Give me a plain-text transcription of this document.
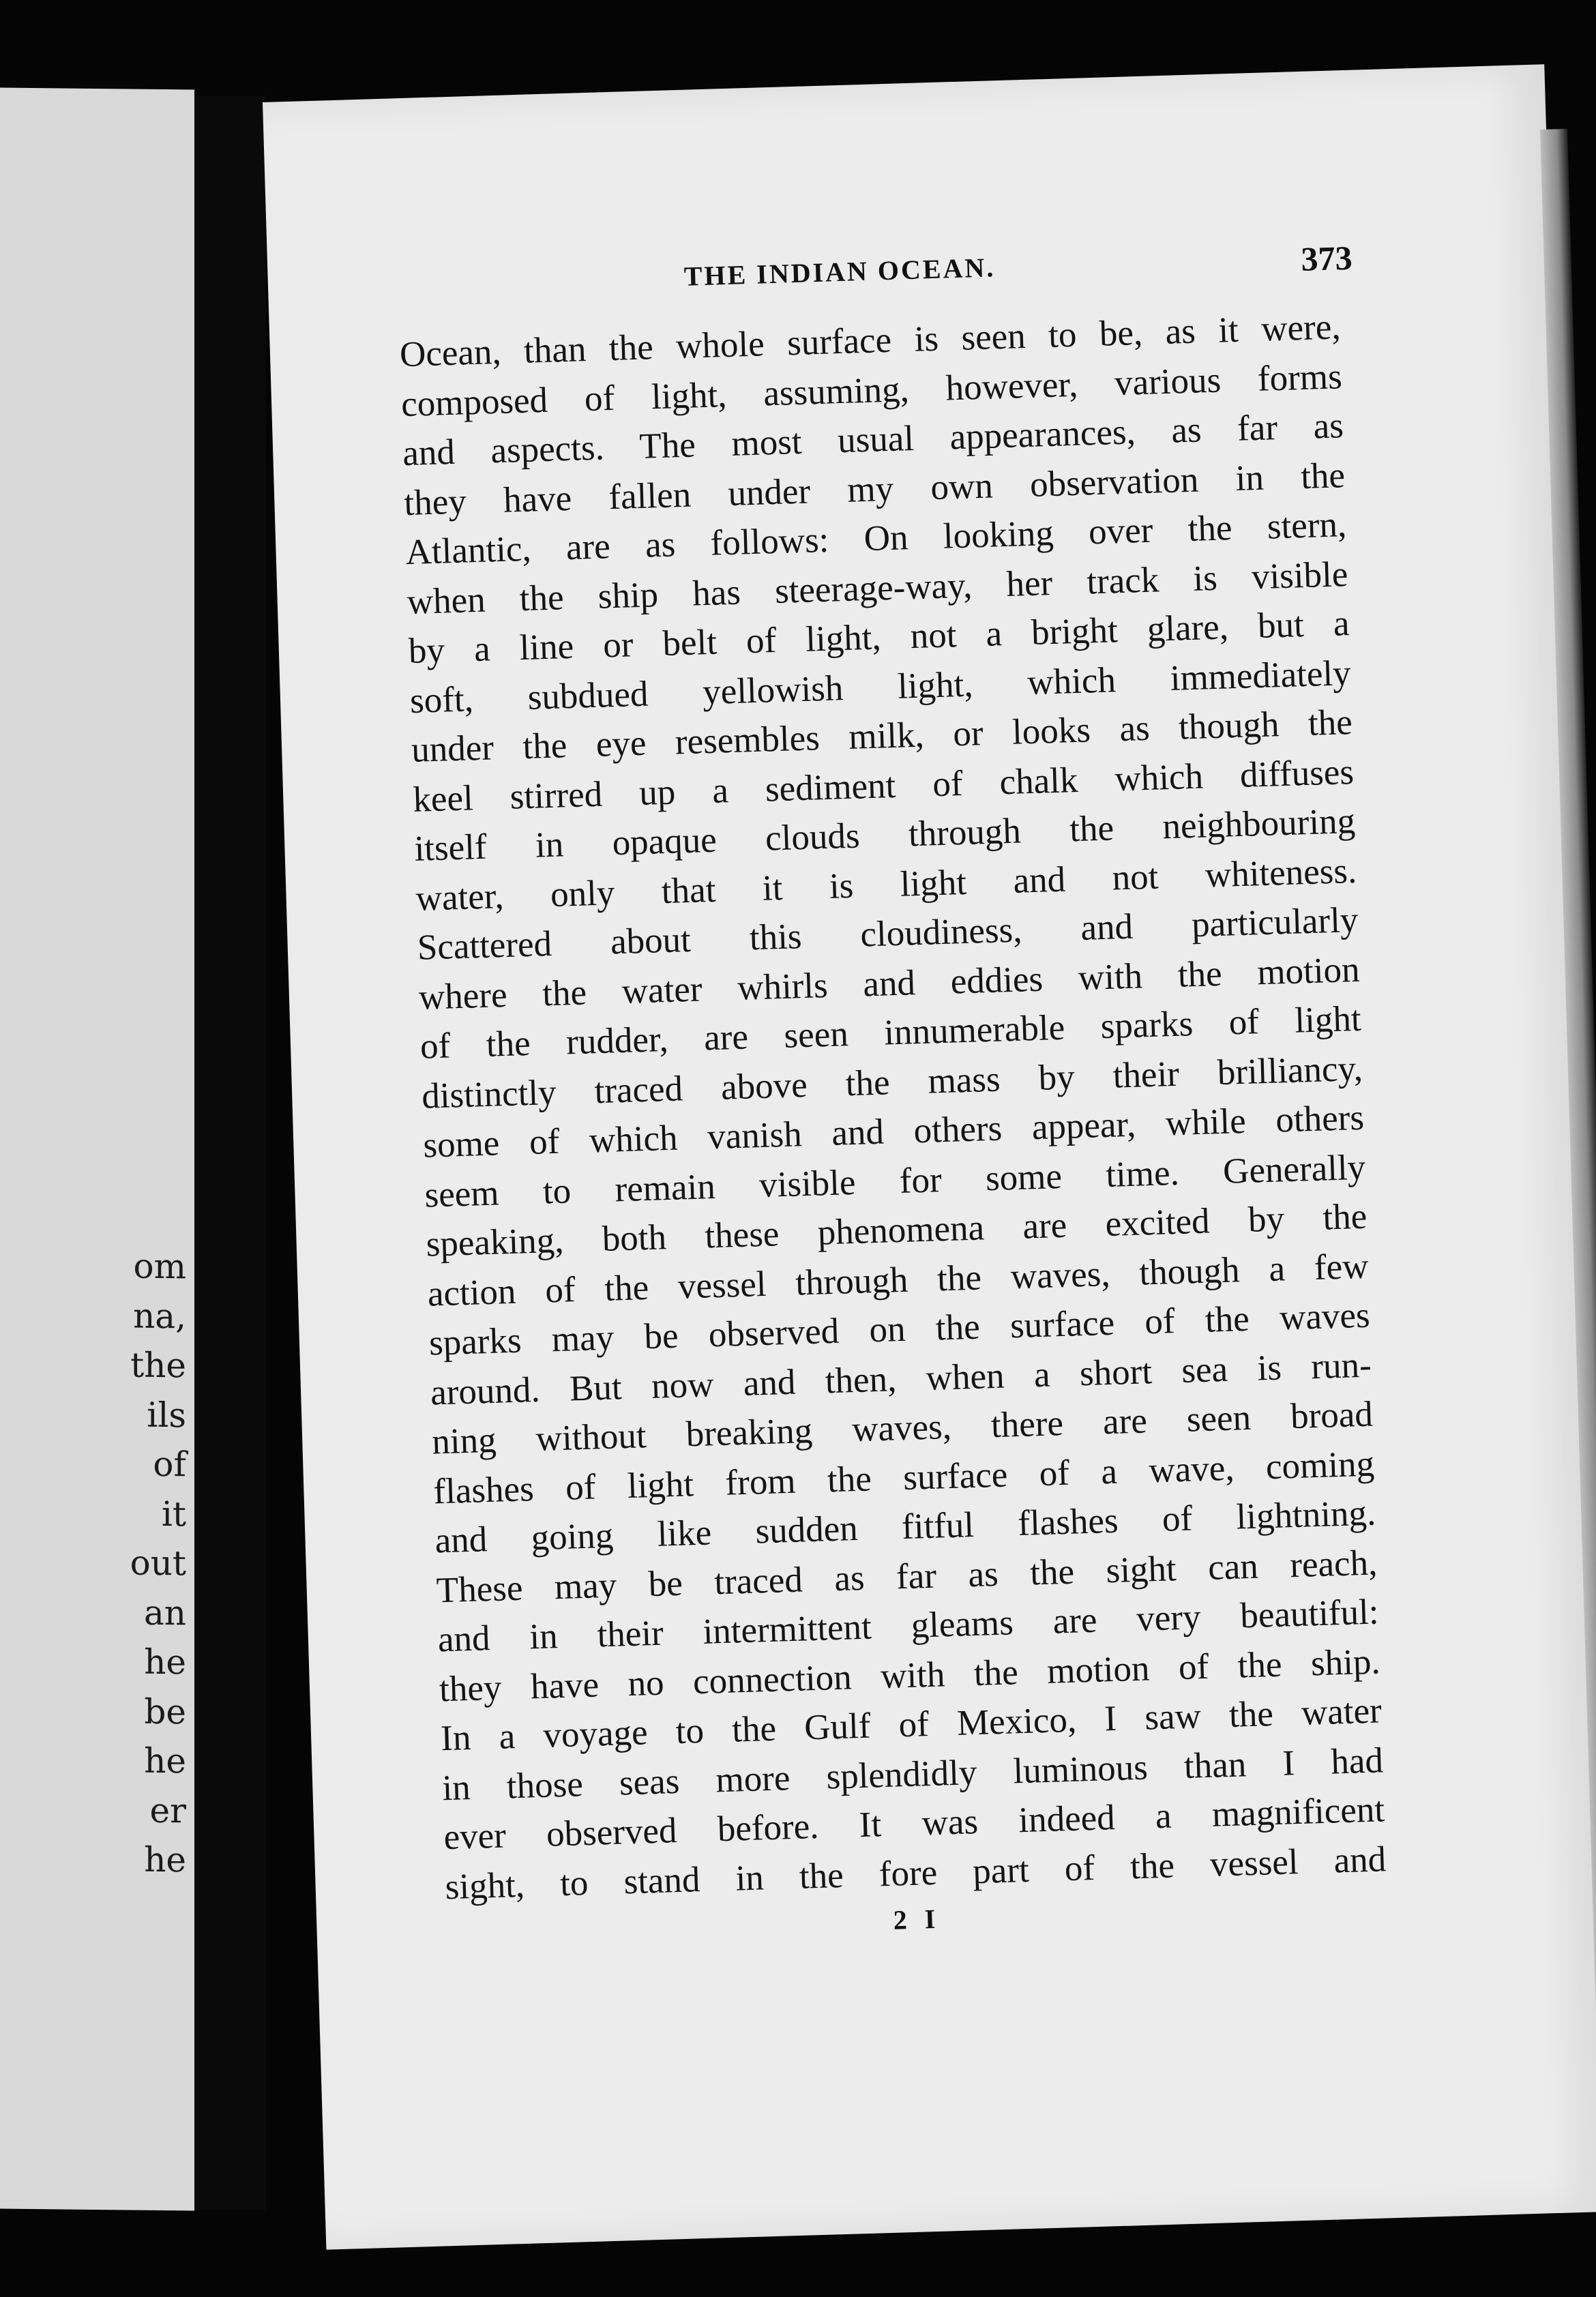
om
na,
the
ils
of
it
out
an
he
be
he
er
he
THE INDIAN OCEAN.	373
Ocean, than the whole surface is seen to be, as it were,
composed of light, assuming, however, various forms
and aspects. The most usual appearances, as far as
they have fallen under my own observation in the
Atlantic, are as follows: On looking over the stern,
when the ship has steerage-way, her track is visible
by a line or belt of light, not a bright glare, but a
soft, subdued yellowish light, which immediately
under the eye resembles milk, or looks as though the
keel stirred up a sediment of chalk which diffuses
itself in opaque clouds through the neighbouring
water, only that it is light and not whiteness.
Scattered about this cloudiness, and particularly
where the water whirls and eddies with the motion
of the rudder, are seen innumerable sparks of light
distinctly traced above the mass by their brilliancy,
some of which vanish and others appear, while others
seem to remain visible for some time. Generally
speaking, both these phenomena are excited by the
action of the vessel through the waves, though a few
sparks may be observed on the surface of the waves
around. But now and then, when a short sea is run-
ning without breaking waves, there are seen broad
flashes of light from the surface of a wave, coming
and going like sudden fitful flashes of lightning.
These may be traced as far as the sight can reach,
and in their intermittent gleams are very beautiful:
they have no connection with the motion of the ship.
In a voyage to the Gulf of Mexico, I saw the water
in those seas more splendidly luminous than I had
ever observed before. It was indeed a magnificent
sight, to stand in the fore part of the vessel and
2 I
